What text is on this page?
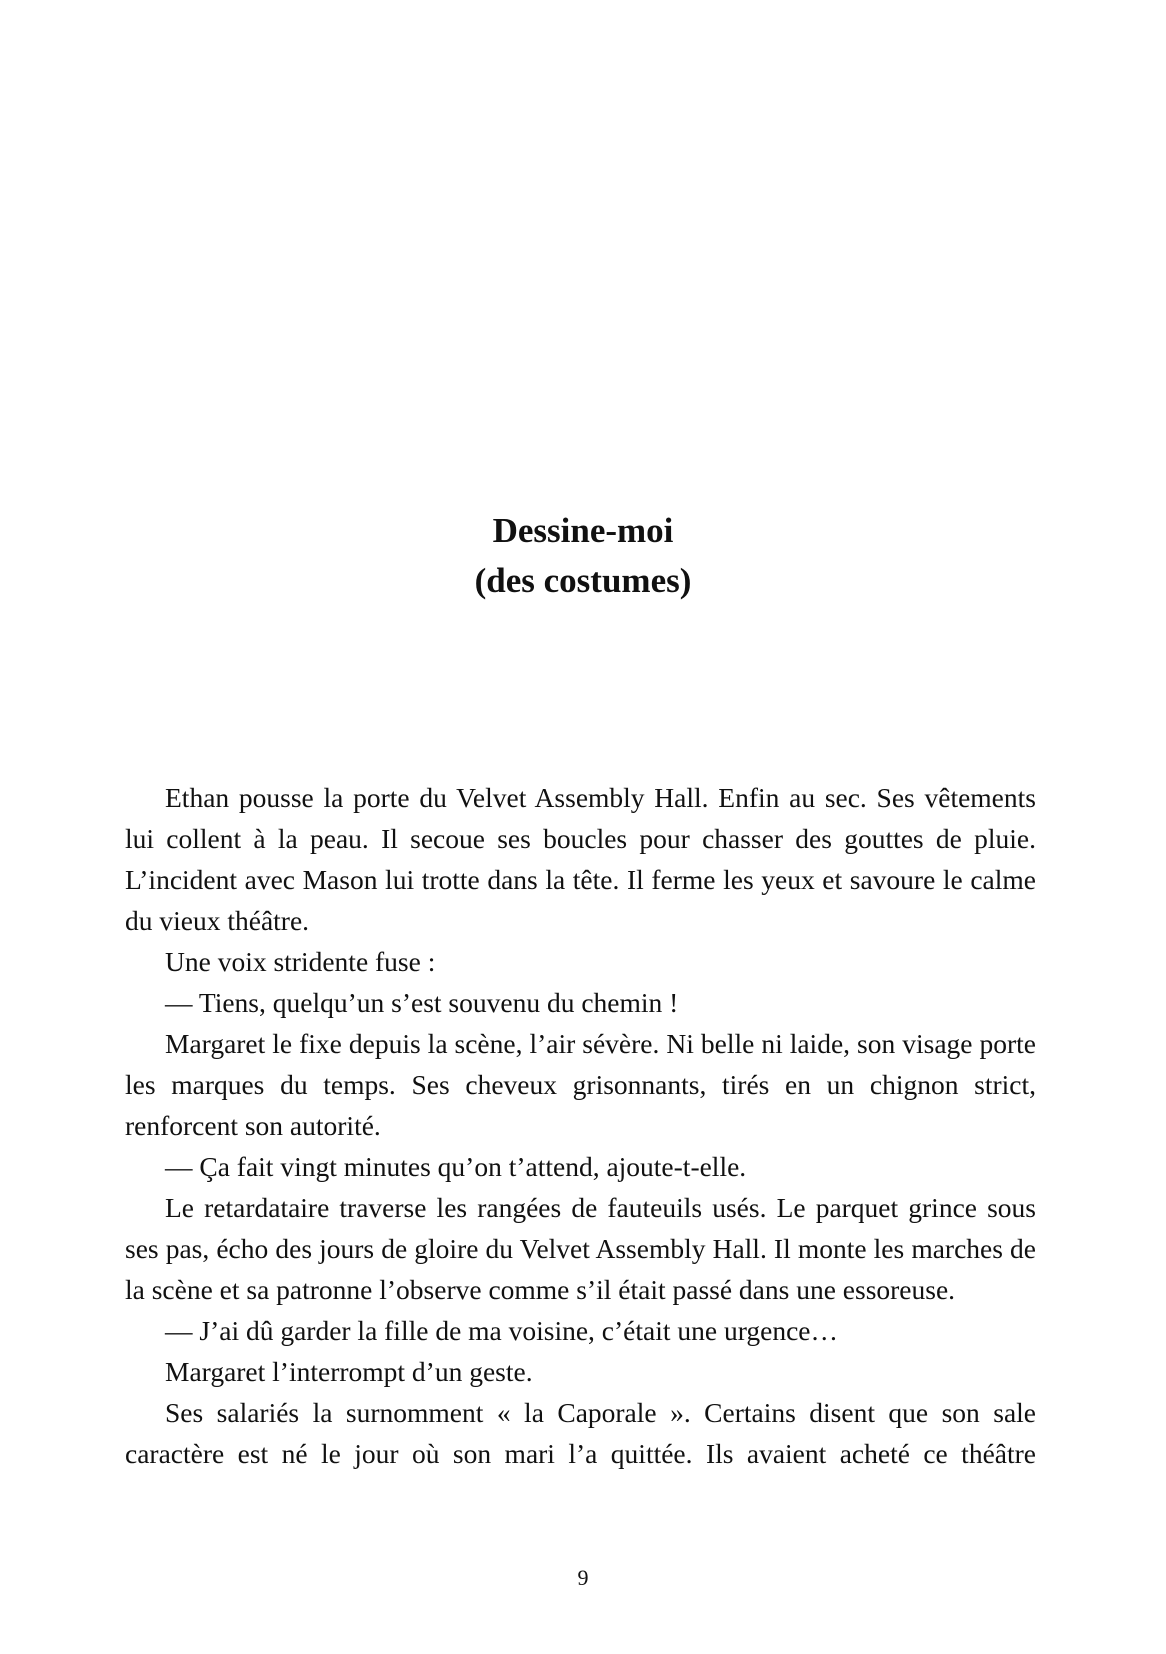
Dessine-moi
(des costumes)

Ethan pousse la porte du Velvet Assembly Hall. Enfin au sec. Ses vêtements lui collent à la peau. Il secoue ses boucles pour chasser des gouttes de pluie. L’incident avec Mason lui trotte dans la tête. Il ferme les yeux et savoure le calme du vieux théâtre.

Une voix stridente fuse :

— Tiens, quelqu’un s’est souvenu du chemin !

Margaret le fixe depuis la scène, l’air sévère. Ni belle ni laide, son visage porte les marques du temps. Ses cheveux grisonnants, tirés en un chignon strict, renforcent son autorité.

— Ça fait vingt minutes qu’on t’attend, ajoute-t-elle.

Le retardataire traverse les rangées de fauteuils usés. Le parquet grince sous ses pas, écho des jours de gloire du Velvet Assembly Hall. Il monte les marches de la scène et sa patronne l’observe comme s’il était passé dans une essoreuse.

— J’ai dû garder la fille de ma voisine, c’était une urgence…

Margaret l’interrompt d’un geste.

Ses salariés la surnomment « la Caporale ». Certains disent que son sale caractère est né le jour où son mari l’a quittée. Ils avaient acheté ce théâtre

9
